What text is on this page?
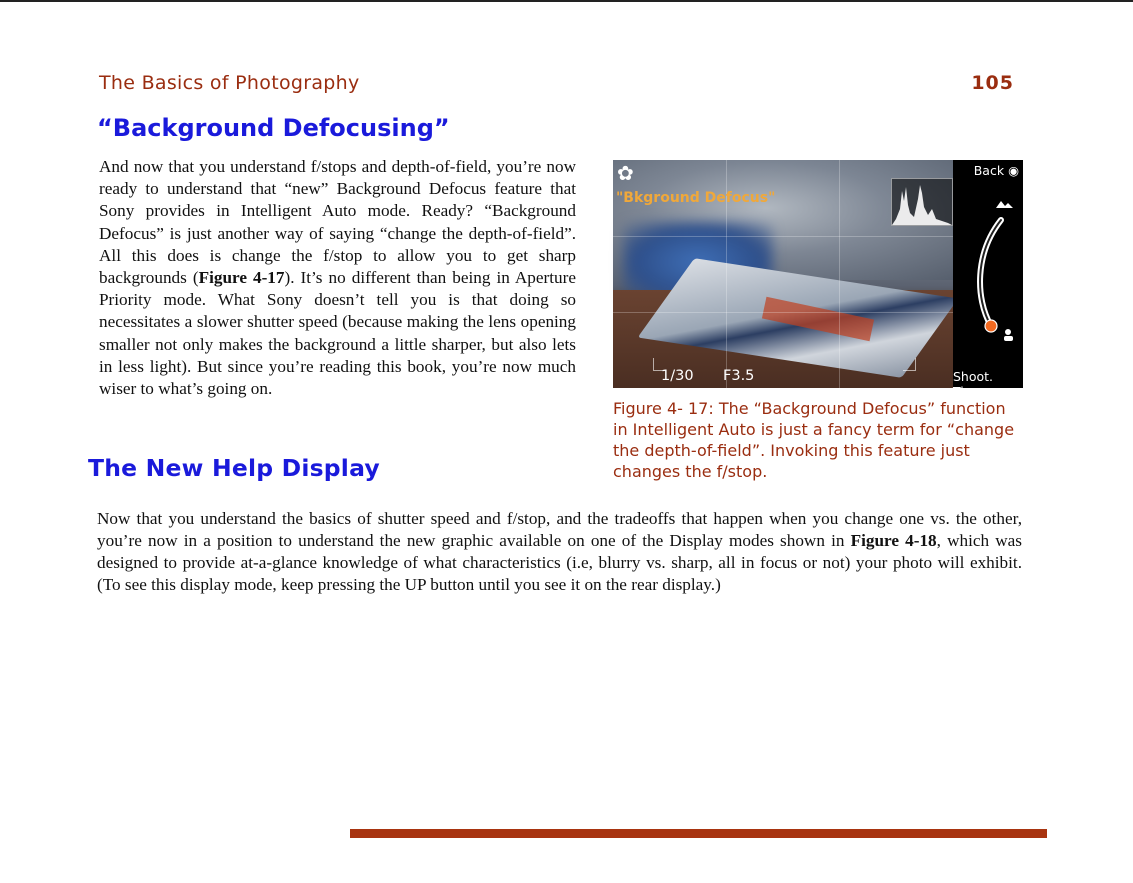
The Basics of Photography	105
“Background Defocusing”

And now that you understand f/stops and depth-of-field, you’re now ready to understand that “new” Background Defocus feature that Sony provides in Intelligent Auto mode. Ready? “Background Defocus” is just another way of saying “change the depth-of-field”. All this does is change the f/stop to allow you to get sharp backgrounds (Figure 4-17). It’s no different than being in Aperture Priority mode. What Sony doesn’t tell you is that doing so necessitates a slower shutter speed (because making the lens opening smaller not only makes the background a little sharper, but also lets in less light). But since you’re reading this book, you’re now much wiser to what’s going on.

✿
"Bkground Defocus"
1/30 F3.5
Back ◉
Shoot. Tips ◉

Figure 4- 17: The “Background Defocus” function in Intelligent Auto is just a fancy term for “change the depth-of-field”. Invoking this feature just changes the f/stop.

The New Help Display

Now that you understand the basics of shutter speed and f/stop, and the tradeoffs that happen when you change one vs. the other, you’re now in a position to understand the new graphic available on one of the Display modes shown in Figure 4-18, which was designed to provide at-a-glance knowledge of what characteristics (i.e, blurry vs. sharp, all in focus or not) your photo will exhibit. (To see this display mode, keep pressing the UP button until you see it on the rear display.)
